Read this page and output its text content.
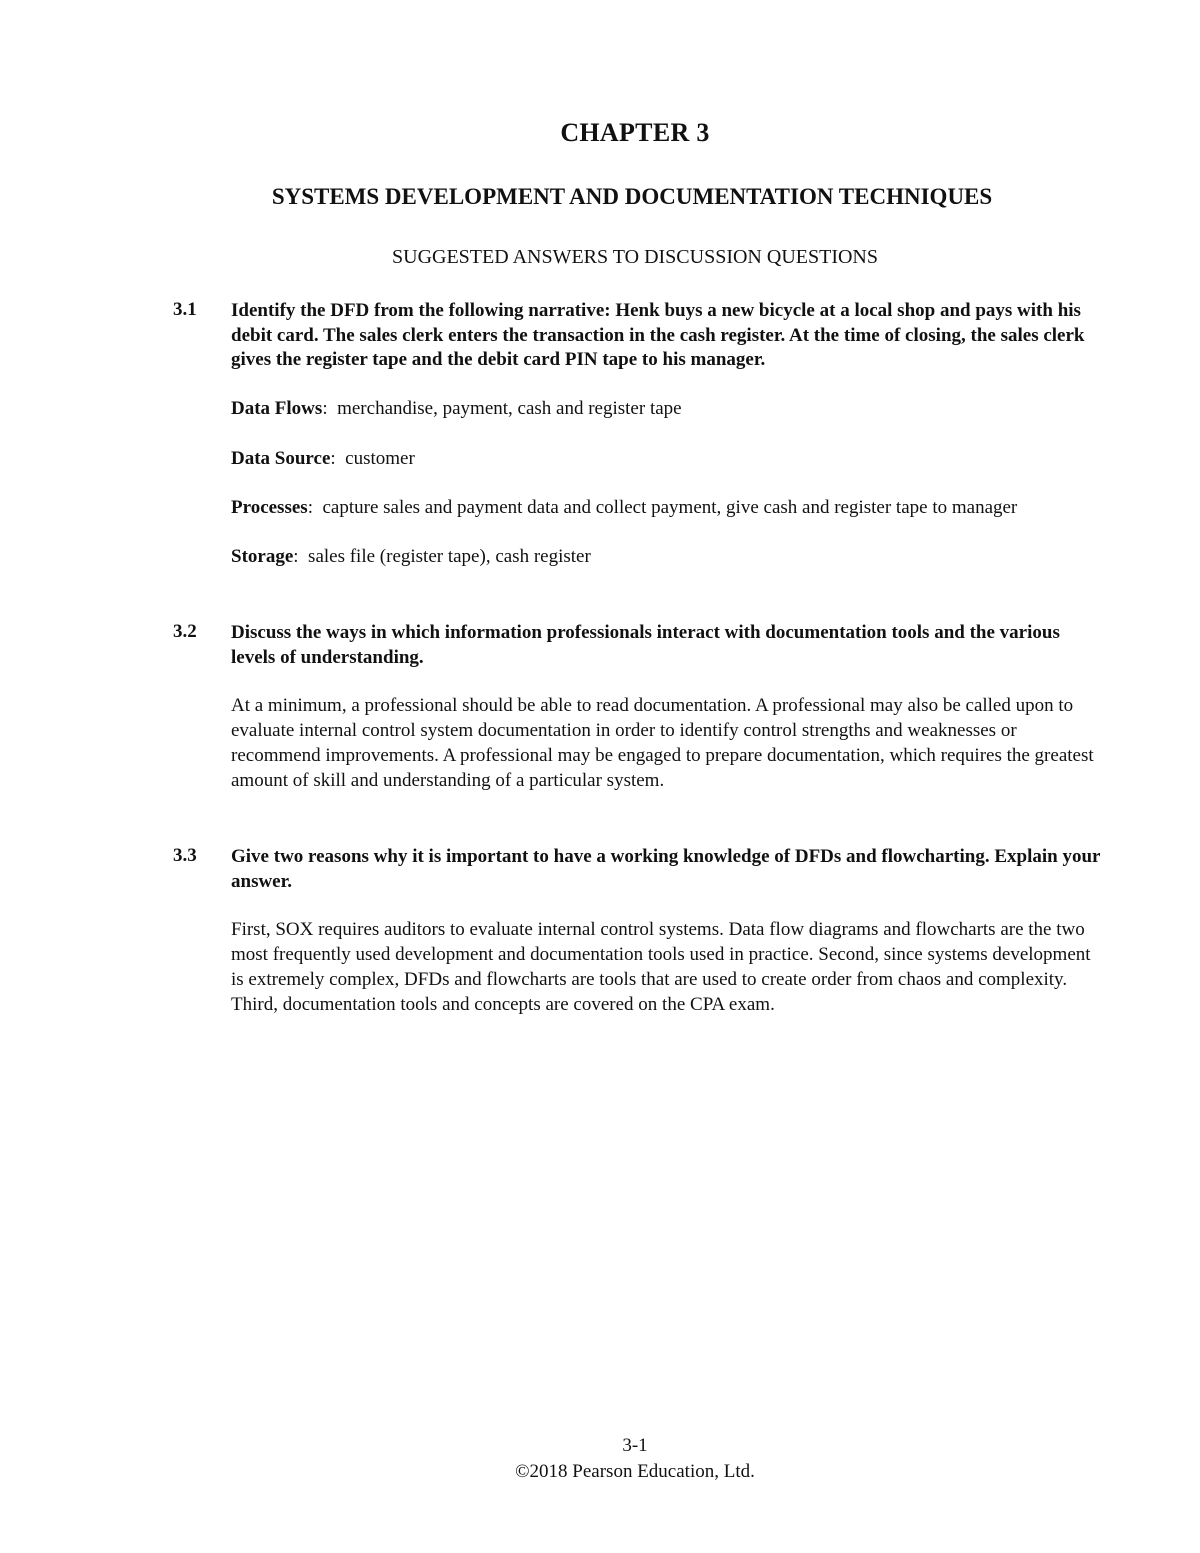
CHAPTER 3
SYSTEMS DEVELOPMENT AND DOCUMENTATION TECHNIQUES
SUGGESTED ANSWERS TO DISCUSSION QUESTIONS
3.1 Identify the DFD from the following narrative: Henk buys a new bicycle at a local shop and pays with his debit card. The sales clerk enters the transaction in the cash register. At the time of closing, the sales clerk gives the register tape and the debit card PIN tape to his manager.

Data Flows:  merchandise, payment, cash and register tape

Data Source:  customer

Processes:  capture sales and payment data and collect payment, give cash and register tape to manager

Storage:  sales file (register tape), cash register

3.2 Discuss the ways in which information professionals interact with documentation tools and the various levels of understanding.

At a minimum, a professional should be able to read documentation. A professional may also be called upon to evaluate internal control system documentation in order to identify control strengths and weaknesses or recommend improvements. A professional may be engaged to prepare documentation, which requires the greatest amount of skill and understanding of a particular system.

3.3 Give two reasons why it is important to have a working knowledge of DFDs and flowcharting. Explain your answer.

First, SOX requires auditors to evaluate internal control systems. Data flow diagrams and flowcharts are the two most frequently used development and documentation tools used in practice. Second, since systems development is extremely complex, DFDs and flowcharts are tools that are used to create order from chaos and complexity. Third, documentation tools and concepts are covered on the CPA exam.

3-1
©2018 Pearson Education, Ltd.
